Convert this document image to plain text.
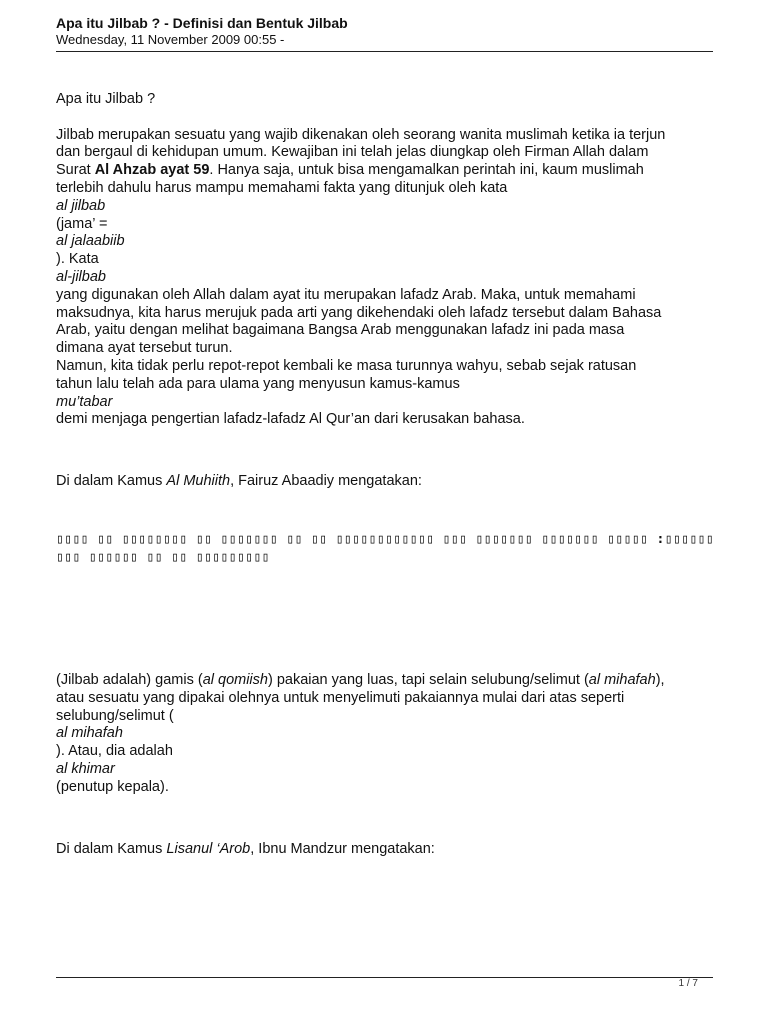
Apa itu Jilbab ? - Definisi dan Bentuk Jilbab
Wednesday, 11 November 2009 00:55 -

Apa itu Jilbab ?

Jilbab merupakan sesuatu yang wajib dikenakan oleh seorang wanita muslimah ketika ia terjun
dan bergaul di kehidupan umum. Kewajiban ini telah jelas diungkap oleh Firman Allah dalam
Surat Al Ahzab ayat 59. Hanya saja, untuk bisa mengamalkan perintah ini, kaum muslimah
terlebih dahulu harus mampu memahami fakta yang ditunjuk oleh kata
al jilbab
(jama’ =
al jalaabiib
). Kata
al-jilbab
yang digunakan oleh Allah dalam ayat itu merupakan lafadz Arab. Maka, untuk memahami
maksudnya, kita harus merujuk pada arti yang dikehendaki oleh lafadz tersebut dalam Bahasa
Arab, yaitu dengan melihat bagaimana Bangsa Arab menggunakan lafadz ini pada masa
dimana ayat tersebut turun.
Namun, kita tidak perlu repot-repot kembali ke masa turunnya wahyu, sebab sejak ratusan
tahun lalu telah ada para ulama yang menyusun kamus-kamus
mu’tabar
demi menjaga pengertian lafadz-lafadz Al Qur’an dari kerusakan bahasa.

Di dalam Kamus Al Muhiith, Fairuz Abaadiy mengatakan:

▯▯▯▯ ▯▯ ▯▯▯▯▯▯▯▯ ▯▯ ▯▯▯▯▯▯▯ ▯▯ ▯▯ ▯▯▯▯▯▯▯▯▯▯▯▯ ▯▯▯ ▯▯▯▯▯▯▯ ▯▯▯▯▯▯▯ ▯▯▯▯▯ :▯▯▯▯▯▯▯▯▯ ▯▯▯▯▯▯ ▯▯ ▯▯ ▯▯▯▯▯▯▯▯▯

(Jilbab adalah) gamis (al qomiish) pakaian yang luas, tapi selain selubung/selimut (al mihafah),
atau sesuatu yang dipakai olehnya untuk menyelimuti pakaiannya mulai dari atas seperti
selubung/selimut (
al mihafah
). Atau, dia adalah
al khimar
(penutup kepala).

Di dalam Kamus Lisanul ‘Arob, Ibnu Mandzur mengatakan:

1 / 7
